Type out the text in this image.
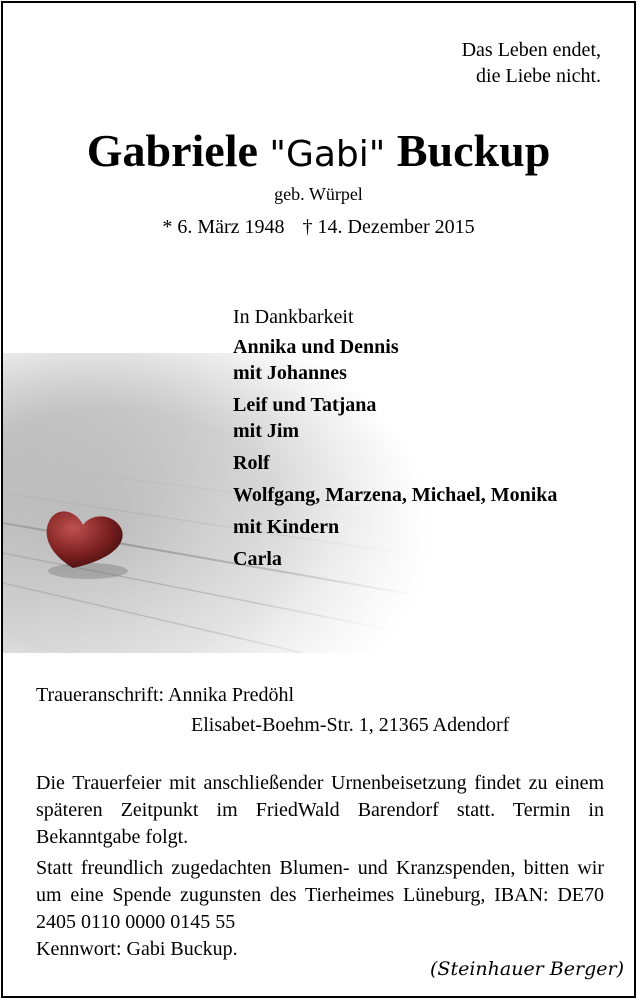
Das Leben endet,
die Liebe nicht.
Gabriele "Gabi" Buckup
geb. Würpel
* 6. März 1948 † 14. Dezember 2015
In Dankbarkeit
Annika und Dennis
mit Johannes
Leif und Tatjana
mit Jim
Rolf
Wolfgang, Marzena, Michael, Monika
mit Kindern
Carla
Traueranschrift: Annika Predöhl
Elisabet-Boehm-Str. 1, 21365 Adendorf
Die Trauerfeier mit anschließender Urnenbeisetzung findet zu einem späteren Zeitpunkt im FriedWald Barendorf statt. Termin in Bekanntgabe folgt.
Statt freundlich zugedachten Blumen- und Kranzspenden, bitten wir um eine Spende zugunsten des Tierheimes Lüneburg, IBAN: DE70 2405 0110 0000 0145 55
Kennwort: Gabi Buckup.
(Steinhauer Berger)
